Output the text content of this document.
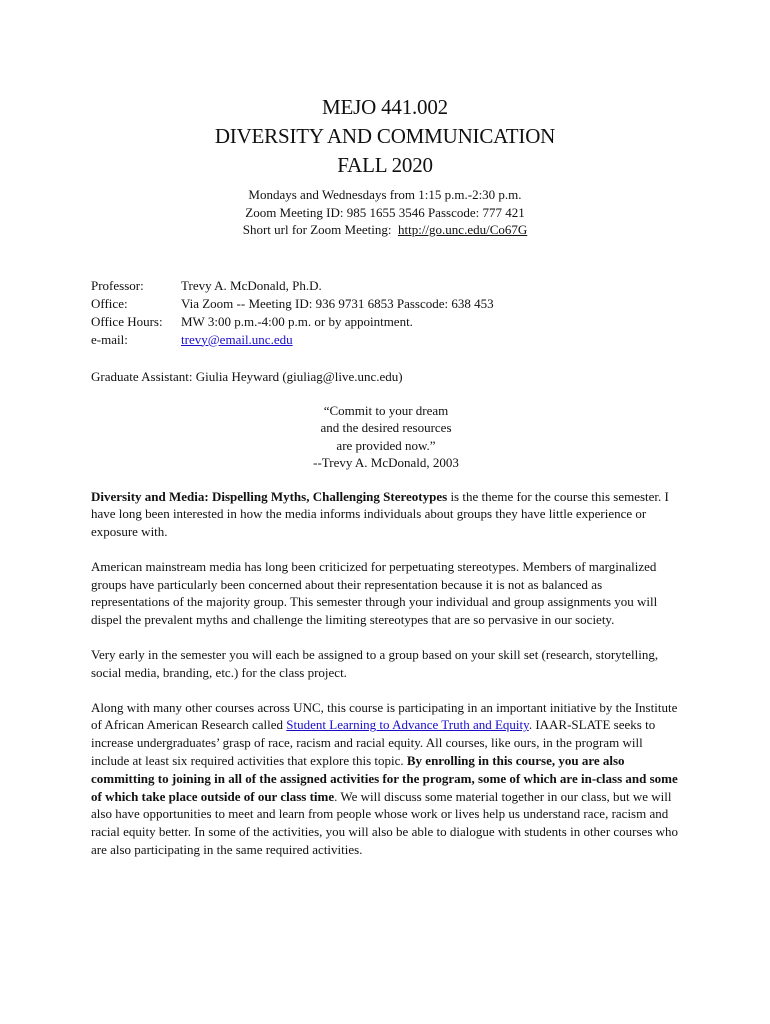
MEJO 441.002
DIVERSITY AND COMMUNICATION
FALL 2020
Mondays and Wednesdays from 1:15 p.m.-2:30 p.m.
Zoom Meeting ID: 985 1655 3546 Passcode: 777 421
Short url for Zoom Meeting:  http://go.unc.edu/Co67G
Professor:	Trevy A. McDonald, Ph.D.
Office:	Via Zoom -- Meeting ID: 936 9731 6853 Passcode: 638 453
Office Hours:	MW 3:00 p.m.-4:00 p.m. or by appointment.
e-mail:	trevy@email.unc.edu
Graduate Assistant: Giulia Heyward (giuliag@live.unc.edu)
“Commit to your dream
and the desired resources
are provided now.”
--Trevy A. McDonald, 2003
Diversity and Media: Dispelling Myths, Challenging Stereotypes is the theme for the course this semester. I have long been interested in how the media informs individuals about groups they have little experience or exposure with.
American mainstream media has long been criticized for perpetuating stereotypes. Members of marginalized groups have particularly been concerned about their representation because it is not as balanced as representations of the majority group. This semester through your individual and group assignments you will dispel the prevalent myths and challenge the limiting stereotypes that are so pervasive in our society.
Very early in the semester you will each be assigned to a group based on your skill set (research, storytelling, social media, branding, etc.) for the class project.
Along with many other courses across UNC, this course is participating in an important initiative by the Institute of African American Research called Student Learning to Advance Truth and Equity. IAAR-SLATE seeks to increase undergraduates’ grasp of race, racism and racial equity. All courses, like ours, in the program will include at least six required activities that explore this topic. By enrolling in this course, you are also committing to joining in all of the assigned activities for the program, some of which are in-class and some of which take place outside of our class time. We will discuss some material together in our class, but we will also have opportunities to meet and learn from people whose work or lives help us understand race, racism and racial equity better. In some of the activities, you will also be able to dialogue with students in other courses who are also participating in the same required activities.
